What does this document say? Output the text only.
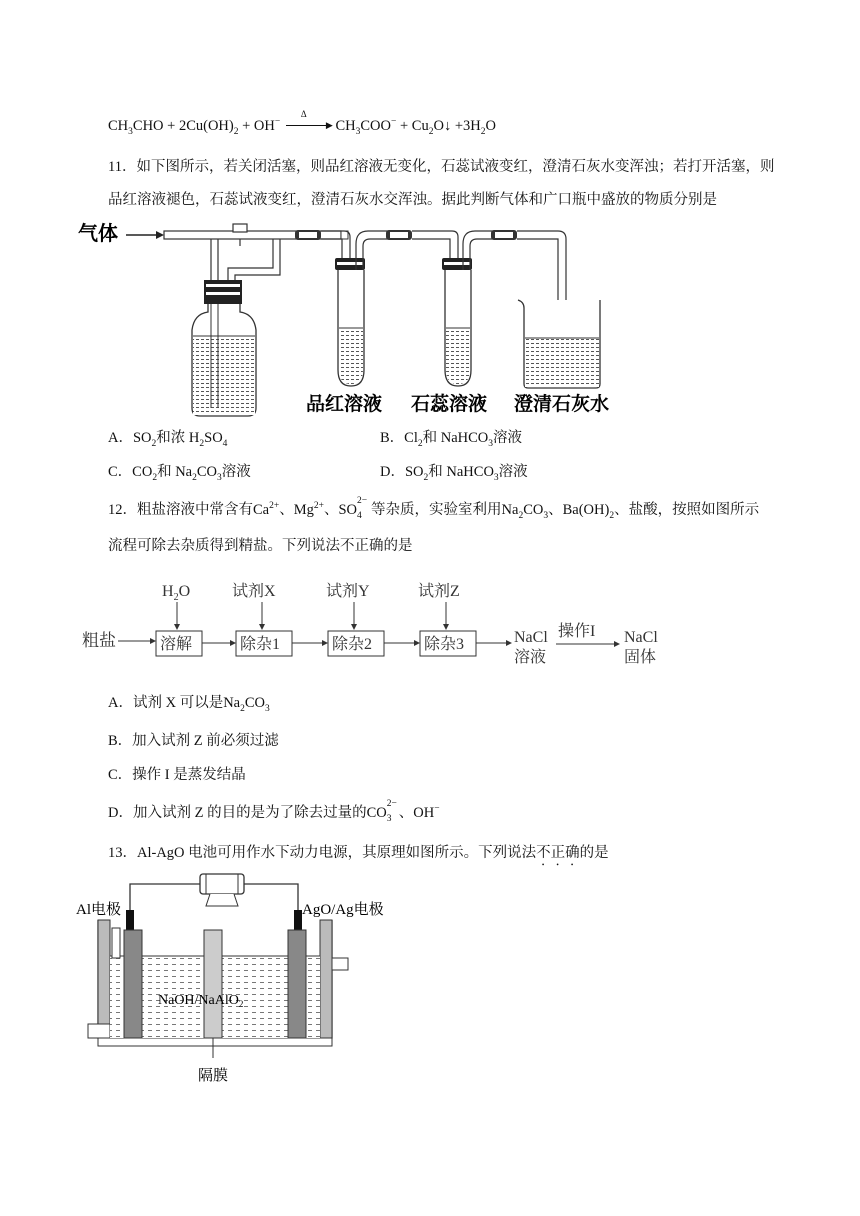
$CH_3CHO + 2Cu(OH)_2 + OH^-$
Δ
▶ $CH_3COO^-$ + $Cu_2O↓ +3H_2O$
11．如下图所示，若关闭活塞，则品红溶液无变化，石蕊试液变红，澄清石灰水变浑浊；若打开活塞，则
品红溶液褪色，石蕊试液变红，澄清石灰水交浑浊。据此判断气体和广口瓶中盛放的物质分别是
气体
品红溶液 石蕊溶液 澄清石灰水
A．$SO_2$和浓 $H_2SO_4$	B．$Cl_2$和 NaHCO$_3$溶液
C．$CO_2$和 $Na_2CO_3$溶液	D．$SO_2$和 NaHCO$_3$溶液
12．粗盐溶液中常含有$Ca^{2+}$、$Mg^{2+}$、SO
2−
4 等杂质，实验室利用$Na_2CO_3$、$Ba(OH)_2$、盐酸，按照如图所示
流程可除去杂质得到精盐。下列说法不正确的是
粗盐
$H_2O$	试剂X	试剂Y	试剂Z
溶解	除杂1	除杂2	除杂3	NaCl 溶液
操作I NaCl 固体
A．试剂 X 可以是$Na_2CO_3$
B．加入试剂 Z 前必须过滤
C．操作 I 是蒸发结晶
D．加入试剂 Z 的目的是为了除去过量的CO
2−
3 、OH−
13．Al-AgO 电池可用作水下动力电源，其原理如图所示。下列说法不正确的是
Al电极	AgO/Ag电极
NaOH/NaAlO$_2$
隔膜
